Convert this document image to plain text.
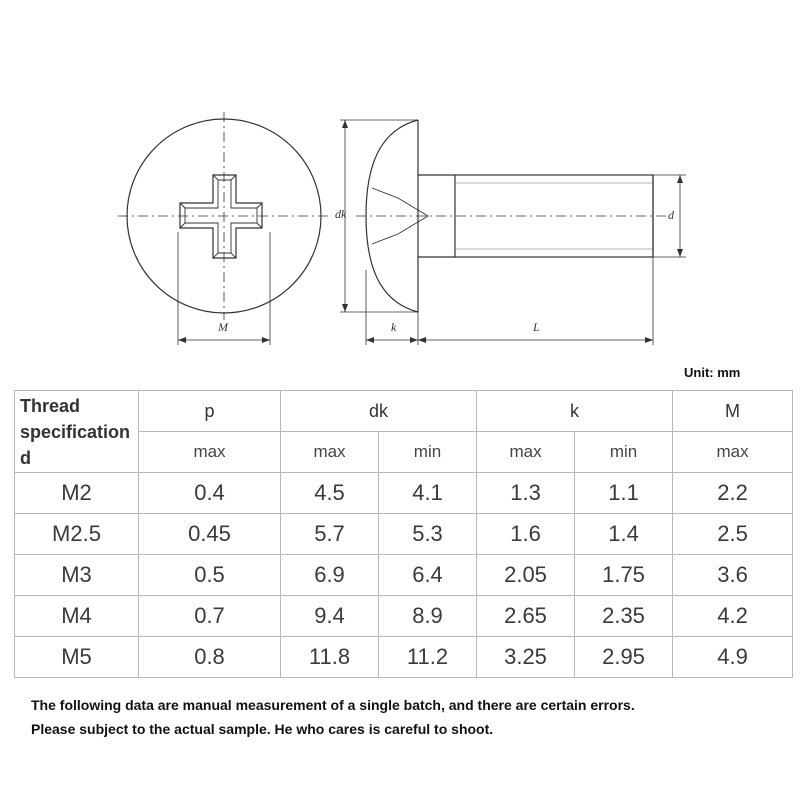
M
dk	d
k	L
Unit: mm
Thread
specification d	p	dk		k		M
	max	max	min	max	min	max
M2	0.4	4.5	4.1	1.3	1.1	2.2
M2.5	0.45	5.7	5.3	1.6	1.4	2.5
M3	0.5	6.9	6.4	2.05	1.75	3.6
M4	0.7	9.4	8.9	2.65	2.35	4.2
M5	0.8	11.8	11.2	3.25	2.95	4.9
The following data are manual measurement of a single batch, and there are certain errors.
Please subject to the actual sample. He who cares is careful to shoot.
